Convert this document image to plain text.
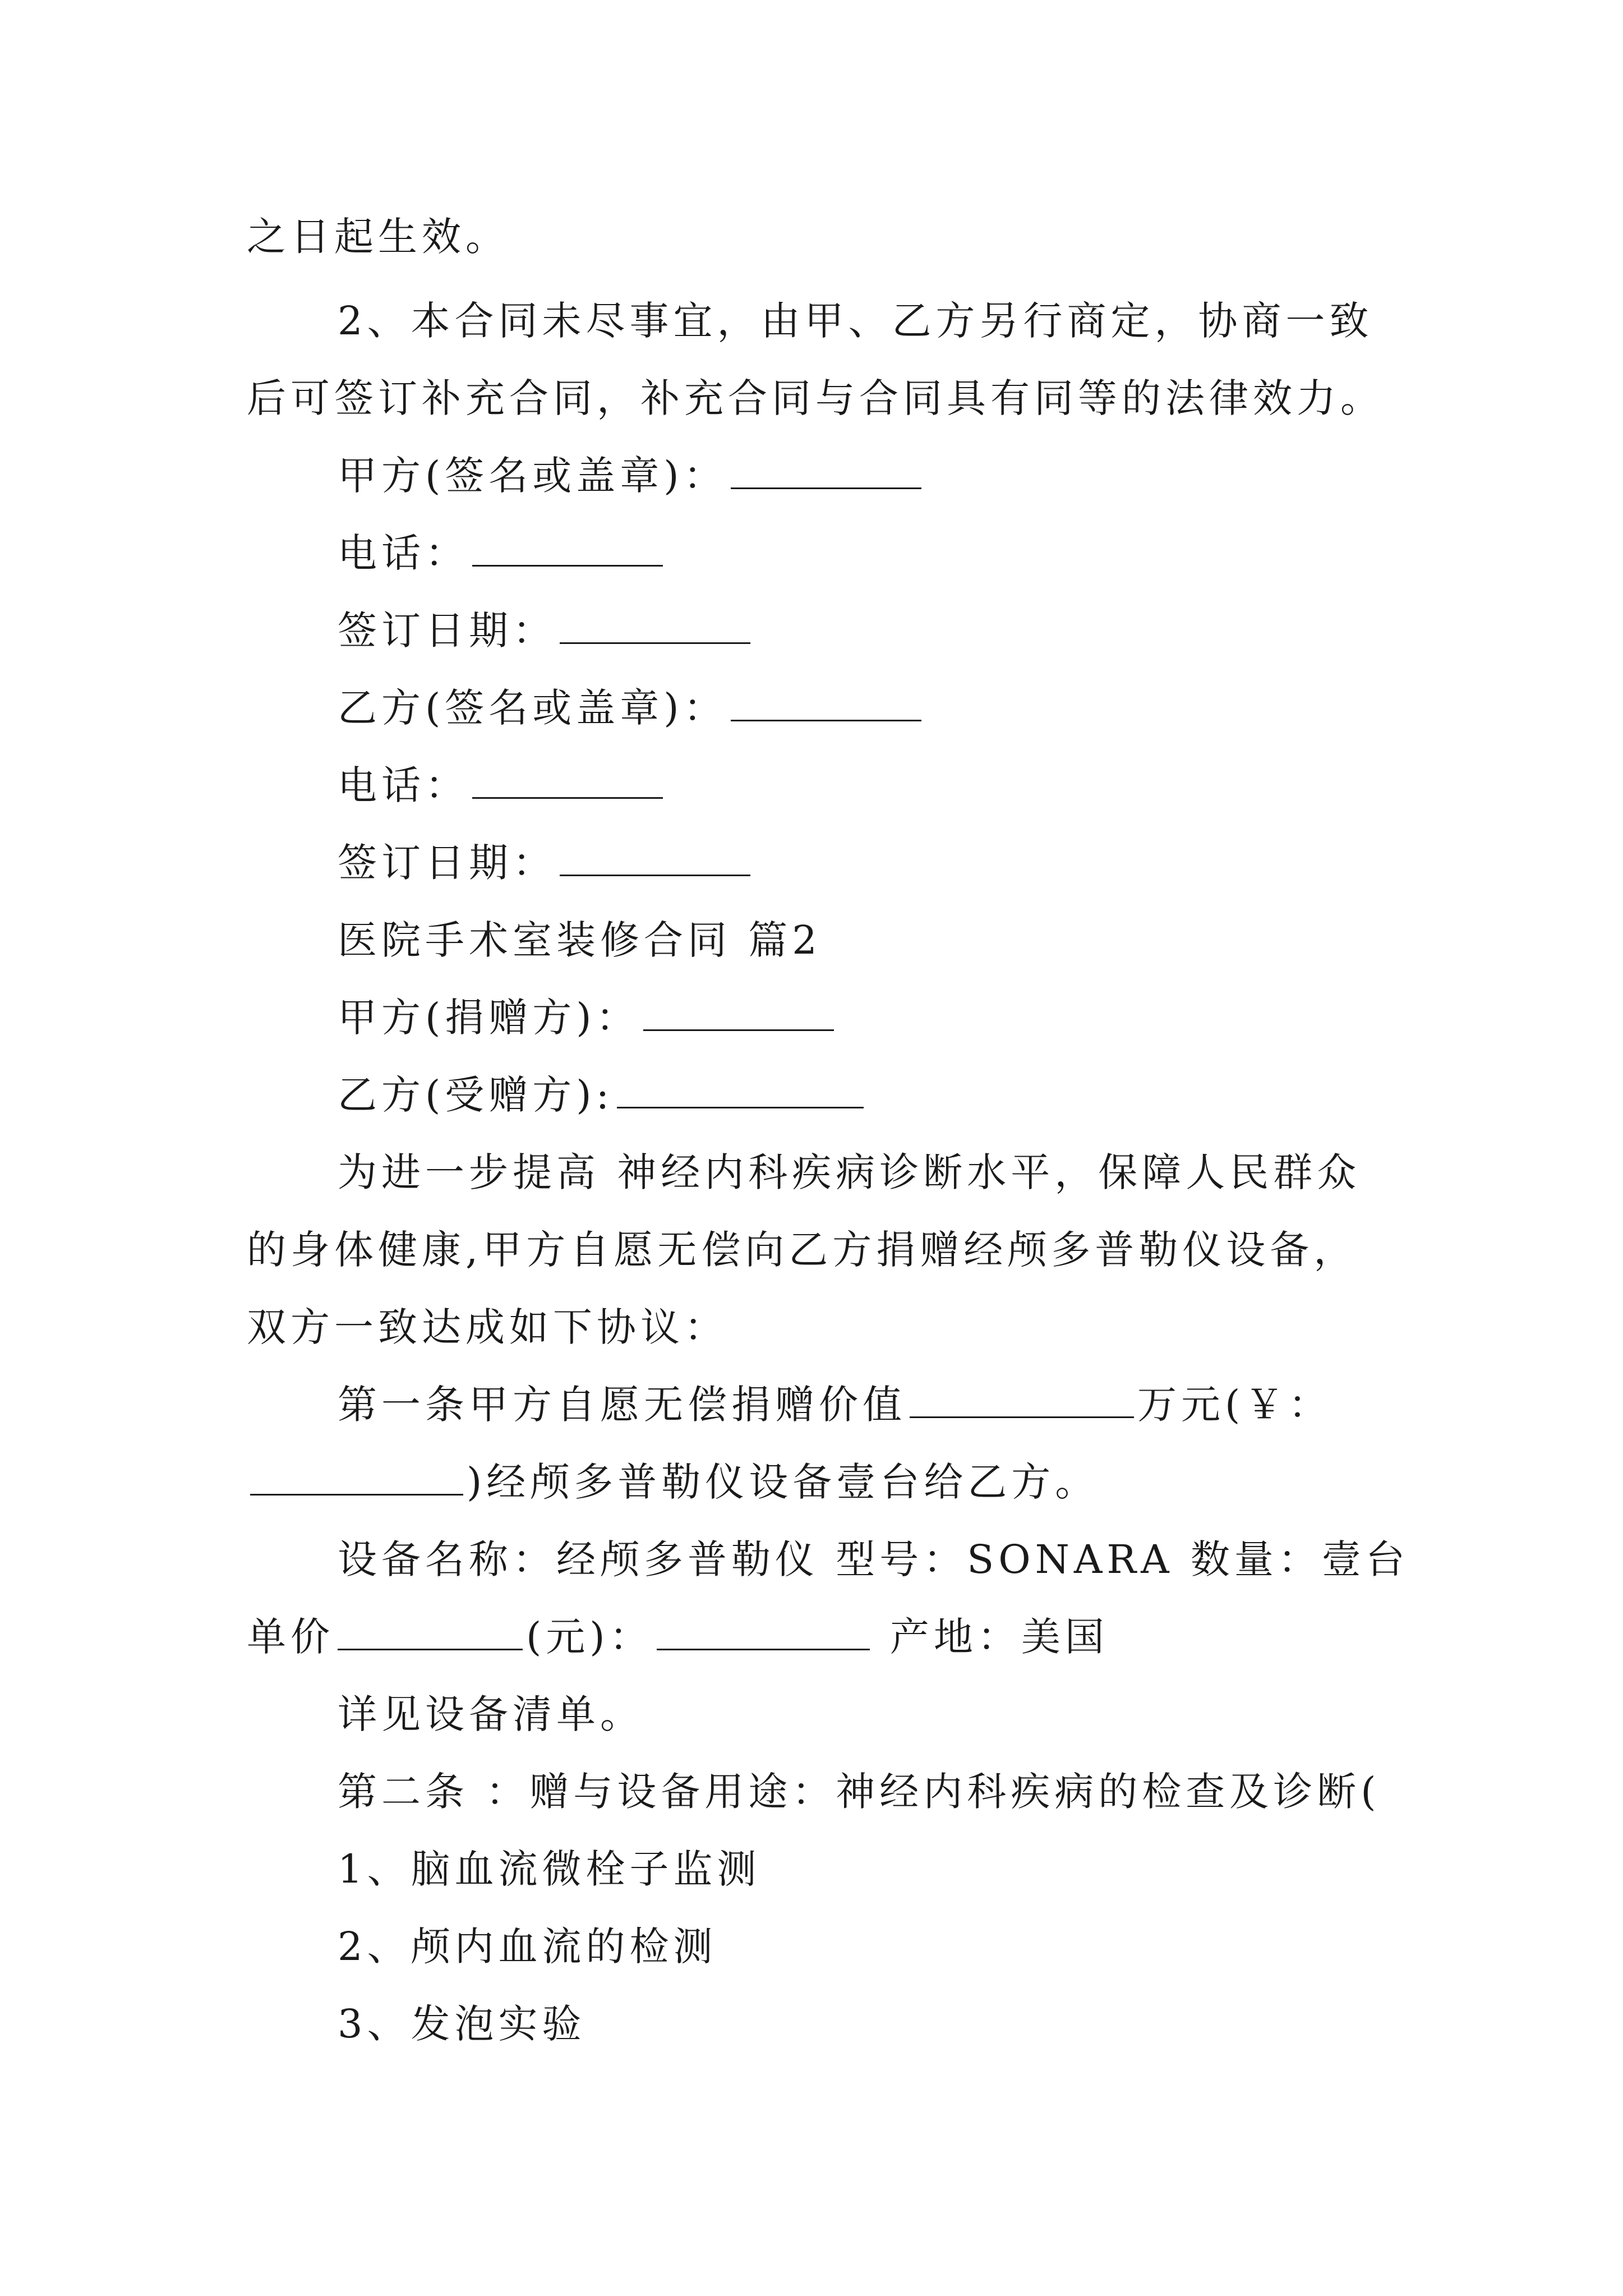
之日起生效。
2、本合同未尽事宜，由甲、乙方另行商定，协商一致
后可签订补充合同，补充合同与合同具有同等的法律效力。
甲方(签名或盖章)：
电话：
签订日期：
乙方(签名或盖章)：
电话：
签订日期：
医院手术室装修合同 篇2
甲方(捐赠方)：
乙方(受赠方):
为进一步提高 神经内科疾病诊断水平，保障人民群众
的身体健康,甲方自愿无偿向乙方捐赠经颅多普勒仪设备，
双方一致达成如下协议：
第一条甲方自愿无偿捐赠价值	万元(￥：
)经颅多普勒仪设备壹台给乙方。
设备名称：经颅多普勒仪 型号：SONARA 数量：壹台
单价	(元)：	产地：美国
详见设备清单。
第二条 ：赠与设备用途：神经内科疾病的检查及诊断(
1、脑血流微栓子监测
2、颅内血流的检测
3、发泡实验
